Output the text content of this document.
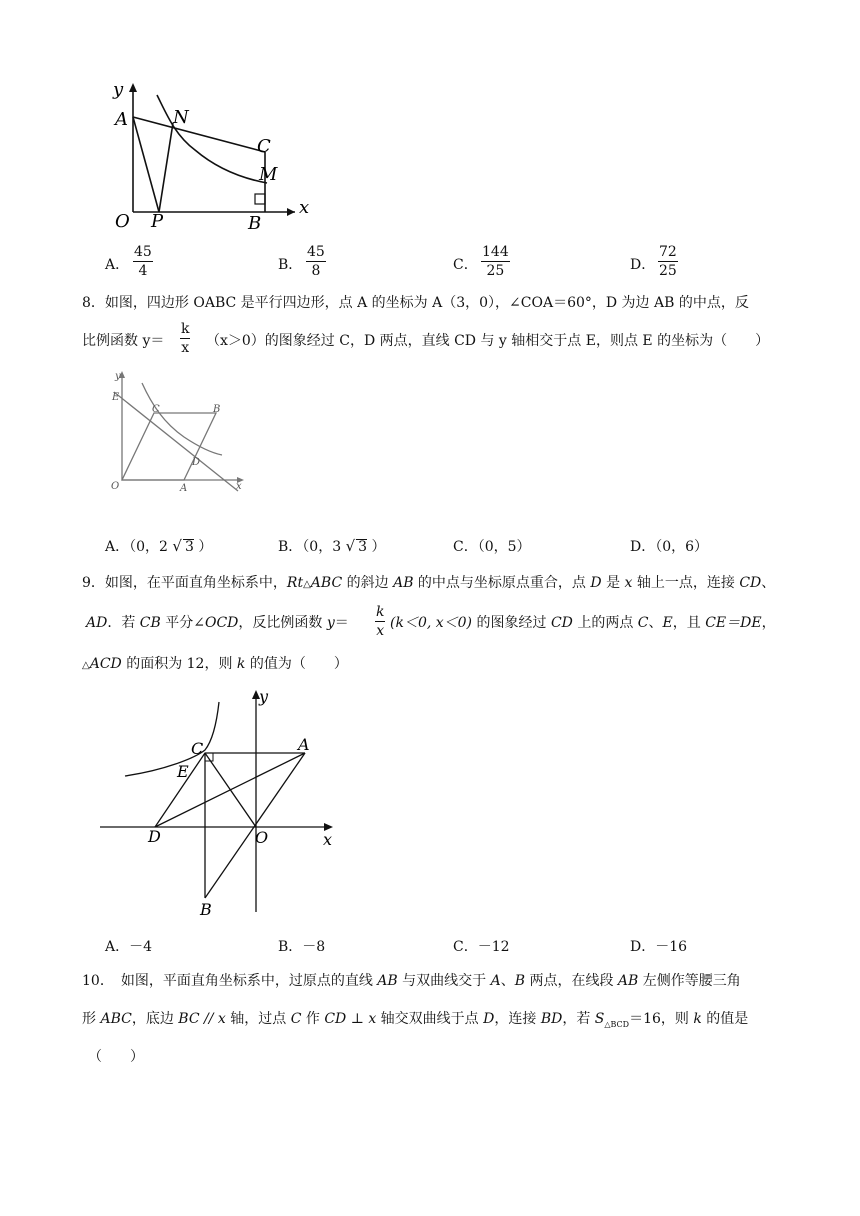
y
x
A	N
C
M
O P	B
A． $\frac{45}{4}$	B． $\frac{45}{8}$	C． $\frac{144}{25}$	D． $\frac{72}{25}$
8．如图，四边形 OABC 是平行四边形，点 A 的坐标为 A（3，0），∠COA＝60°，D 为边 AB 的中点，反
比例函数 $y= \frac{k}{x} (x>0)$的图象经过 C，D 两点，直线 CD 与 y 轴相交于点 E，则点 E 的坐标为（　　）
y
x
E
C	B
D
O	A
A．（0，2 √ 3 ）	B．（0，3 √ 3 ）	C．（0，5）	D．（0，6）
9．如图，在平面直角坐标系中，Rt△ABC 的斜边 AB 的中点与坐标原点重合，点 D 是 x 轴上一点，连接 CD、
AD．若 CB 平分∠OCD，反比例函数 $y= \frac{k}{x} (k<0$, x＜0) 的图象经过 CD 上的两点 C、E，且 CE＝DE，
△ACD 的面积为 12，则 k 的值为（　　）
y
x
C	A
E
D	O
B
A．－4	B．－8	C．－12	D．－16
10．　如图，平面直角坐标系中，过原点的直线 AB 与双曲线交于 A、B 两点，在线段 AB 左侧作等腰三角
形 ABC，底边 BC // x 轴，过点 C 作 CD ⊥ x 轴交双曲线于点 D，连接 BD，若 $S_{\triangle BCD}=16$，则 k 的值是
（　　）
